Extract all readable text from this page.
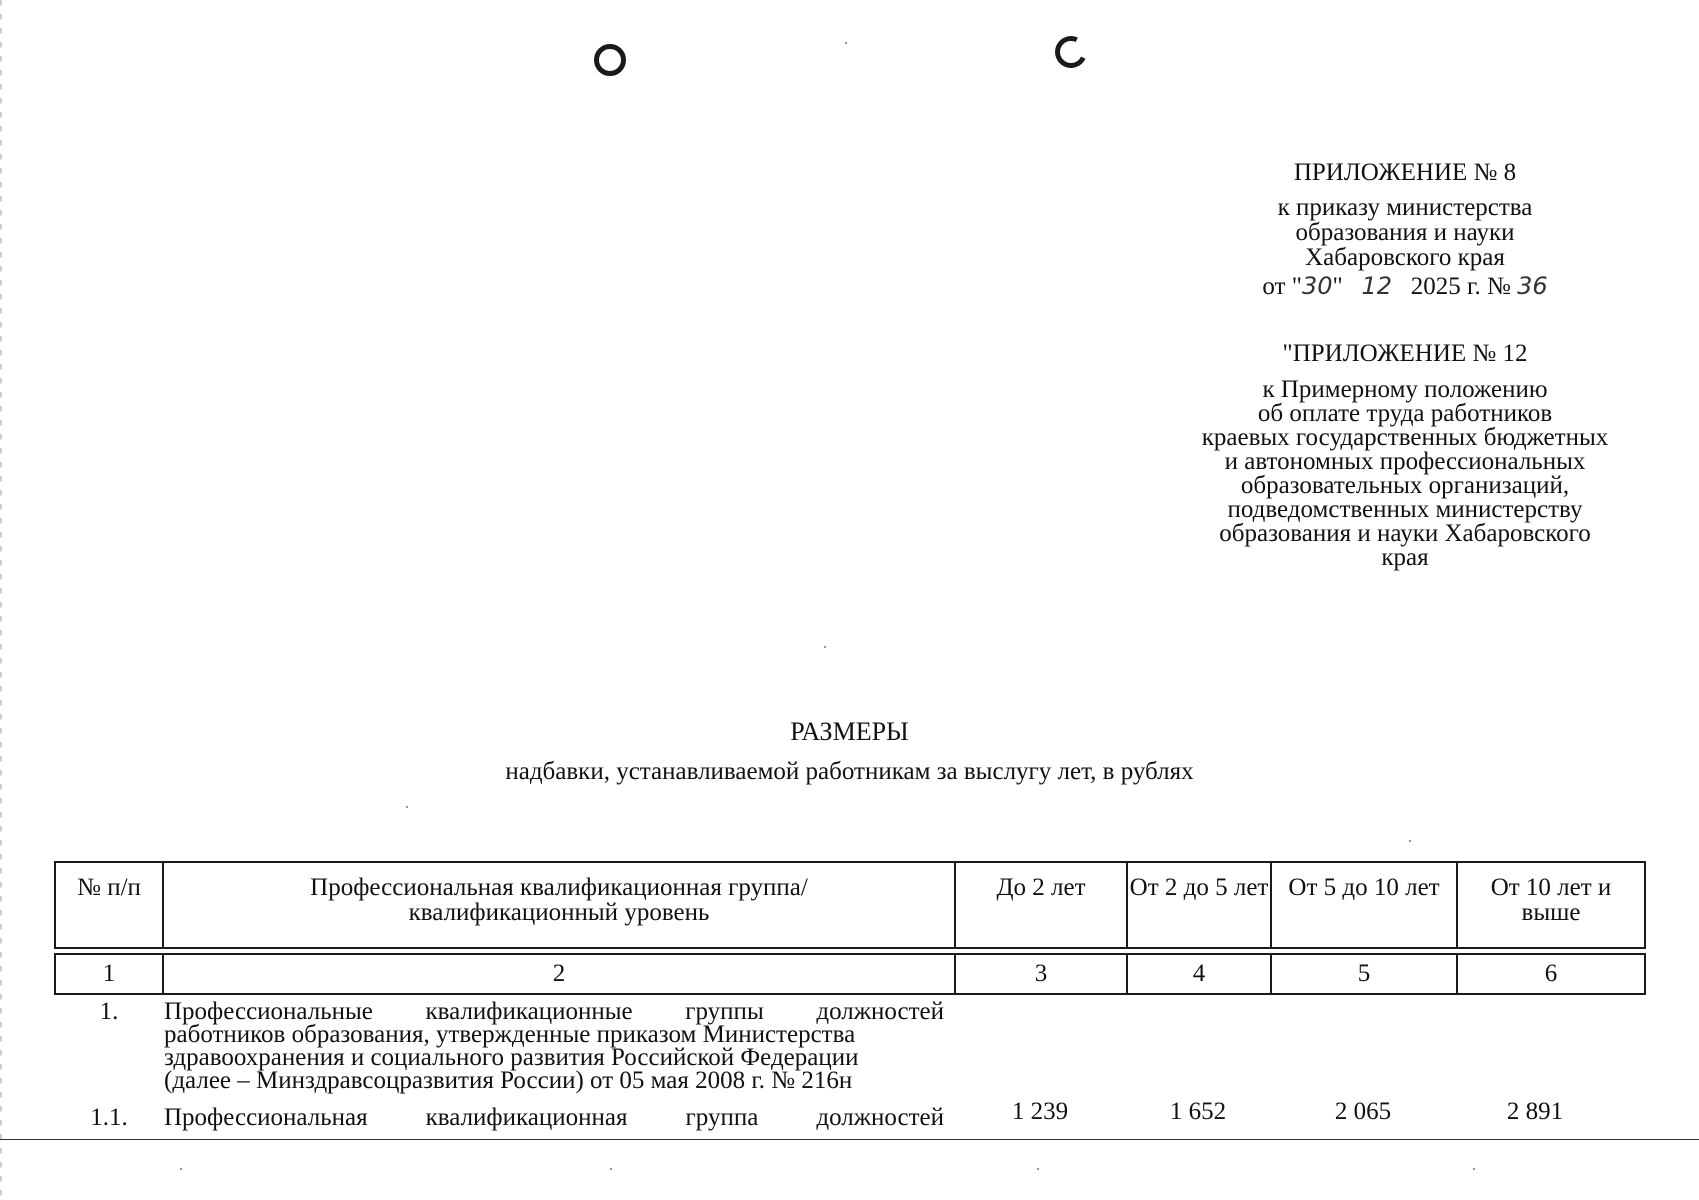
ПРИЛОЖЕНИЕ № 8
к приказу министерства
образования и науки
Хабаровского края
от "30" 12 2025 г. № 36
"ПРИЛОЖЕНИЕ № 12
к Примерному положению
об оплате труда работников
краевых государственных бюджетных
и автономных профессиональных
образовательных организаций,
подведомственных министерству
образования и науки Хабаровского
края
РАЗМЕРЫ
надбавки, устанавливаемой работникам за выслугу лет, в рублях
№ п/п	Профессиональная квалификационная группа/ квалификационный уровень	До 2 лет	От 2 до 5 лет	От 5 до 10 лет	От 10 лет и выше

1	2	3	4	5	6
1.	Профессиональные квалификационные группы должностей
работников образования, утвержденные приказом Министерства
здравоохранения и социального развития Российской Федерации
(далее – Минздравсоцразвития России) от 05 мая 2008 г. № 216н
1.1.	Профессиональная квалификационная группа должностей	1 239	1 652	2 065	2 891
